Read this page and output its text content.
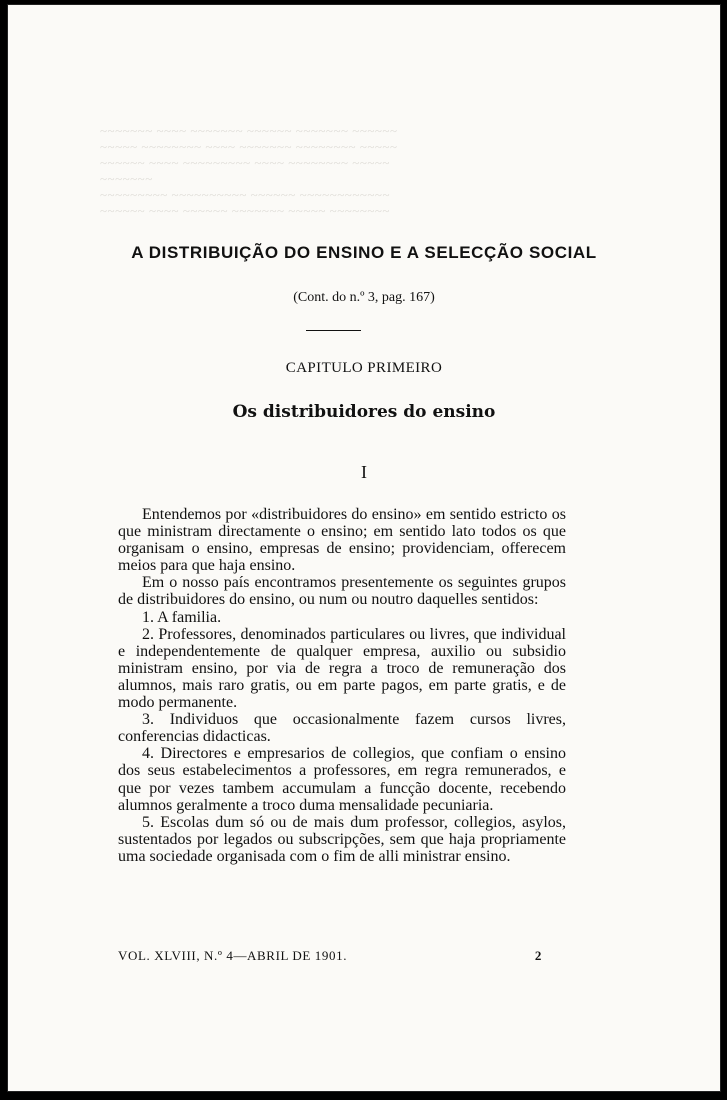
~~~~~~~ ~~~~ ~~~~~~~ ~~~~~~ ~~~~~~~ ~~~~~~
~~~~~ ~~~~~~~~ ~~~~ ~~~~~~~ ~~~~~~~~ ~~~~~
~~~~~~ ~~~~ ~~~~~~~~~ ~~~~ ~~~~~~~~ ~~~~~
~~~~~~~
~~~~~~~~~ ~~~~~~~~~~ ~~~~~~ ~~~~~~~~~~~~
~~~~~~ ~~~~ ~~~~~~ ~~~~~~~ ~~~~~ ~~~~~~~~
A DISTRIBUIÇÃO DO ENSINO E A SELECÇÃO SOCIAL
(Cont. do n.º 3, pag. 167)
CAPITULO PRIMEIRO
Os distribuidores do ensino
I

Entendemos por «distribuidores do ensino» em sentido estricto os que ministram directamente o ensino; em sentido lato todos os que organisam o ensino, empresas de ensino; providenciam, offerecem meios para que haja ensino.

Em o nosso país encontramos presentemente os seguintes grupos de distribuidores do ensino, ou num ou noutro daquelles sentidos:

1. A familia.

2. Professores, denominados particulares ou livres, que individual e independentemente de qualquer empresa, auxilio ou subsidio ministram ensino, por via de regra a troco de remuneração dos alumnos, mais raro gratis, ou em parte pagos, em parte gratis, e de modo permanente.

3. Individuos que occasionalmente fazem cursos livres, conferencias didacticas.

4. Directores e empresarios de collegios, que confiam o ensino dos seus estabelecimentos a professores, em regra remunerados, e que por vezes tambem accumulam a funcção docente, recebendo alumnos geralmente a troco duma mensalidade pecuniaria.

5. Escolas dum só ou de mais dum professor, collegios, asylos, sustentados por legados ou subscripções, sem que haja propriamente uma sociedade organisada com o fim de alli ministrar ensino.

VOL. XLVIII, N.º 4—ABRIL DE 1901.	2
